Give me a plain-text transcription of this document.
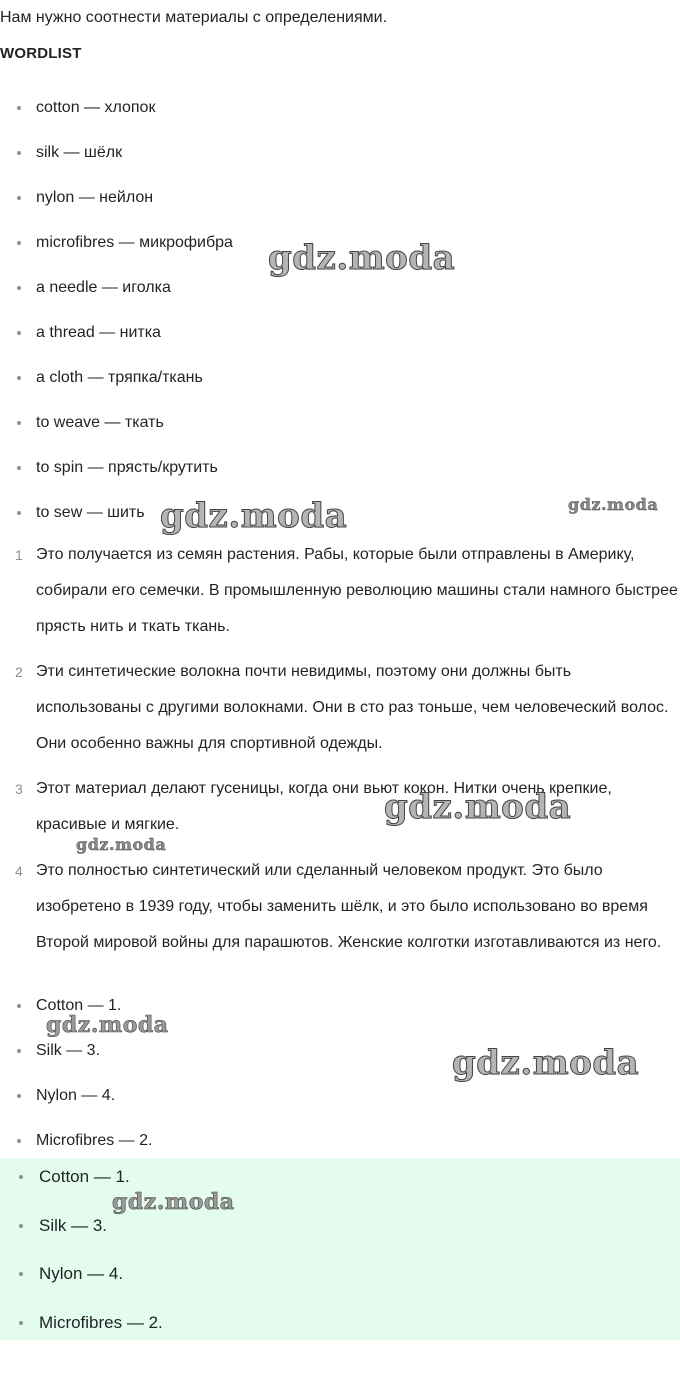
Нам нужно соотнести материалы с определениями.

WORDLIST

cotton — хлопок
silk — шёлк
nylon — нейлон
microfibres — микрофибра
a needle — иголка
a thread — нитка
a cloth — тряпка/ткань
to weave — ткать
to spin — прясть/крутить
to sew — шить
1 Это получается из семян растения. Рабы, которые были отправлены в Америку, собирали его семечки. В промышленную революцию машины стали намного быстрее прясть нить и ткать ткань.
2 Эти синтетические волокна почти невидимы, поэтому они должны быть использованы с другими волокнами. Они в сто раз тоньше, чем человеческий волос. Они особенно важны для спортивной одежды.
3 Этот материал делают гусеницы, когда они вьют кокон. Нитки очень крепкие, красивые и мягкие.
4 Это полностью синтетический или сделанный человеком продукт. Это было изобретено в 1939 году, чтобы заменить шёлк, и это было использовано во время Второй мировой войны для парашютов. Женские колготки изготавливаются из него.
Cotton — 1.
Silk — 3.
Nylon — 4.
Microfibres — 2.
Cotton — 1.
Silk — 3.
Nylon — 4.
Microfibres — 2.
gdz.moda
gdz.moda	gdz.moda
gdz.moda
gdz.moda
gdz.moda
gdz.moda
gdz.moda
